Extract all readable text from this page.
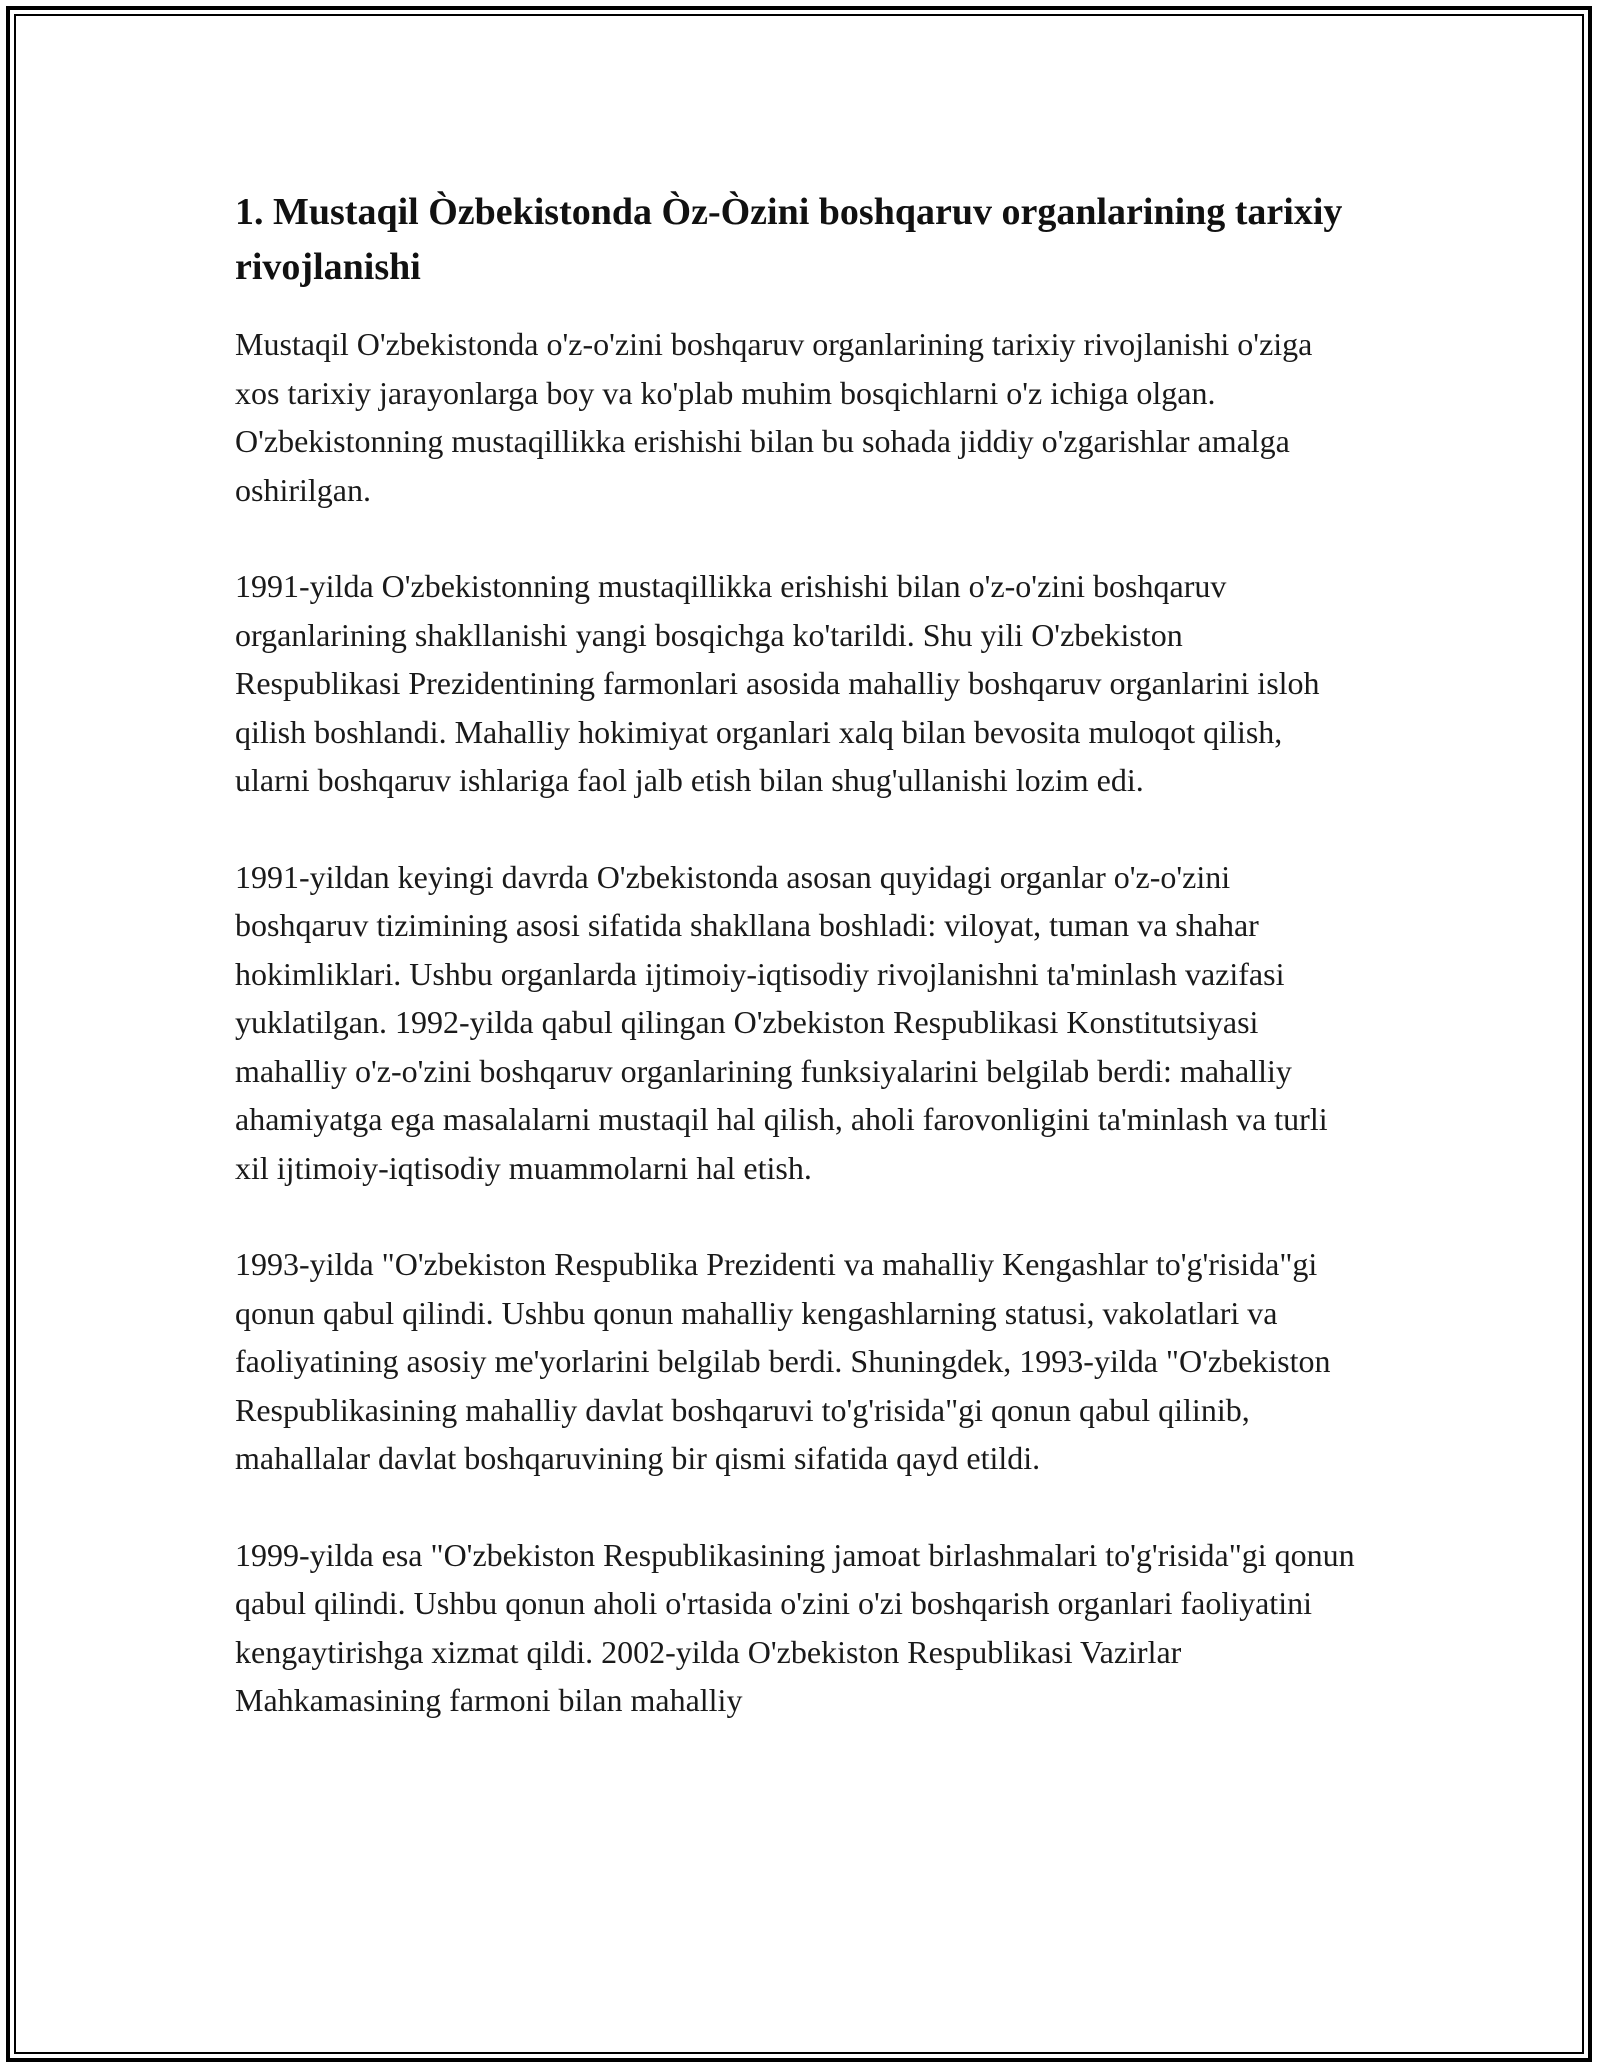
1. Mustaqil Òzbekistonda Òz-Òzini boshqaruv organlarining tarixiy rivojlanishi

Mustaqil O'zbekistonda o'z-o'zini boshqaruv organlarining tarixiy rivojlanishi o'ziga xos tarixiy jarayonlarga boy va ko'plab muhim bosqichlarni o'z ichiga olgan. O'zbekistonning mustaqillikka erishishi bilan bu sohada jiddiy o'zgarishlar amalga oshirilgan.

1991-yilda O'zbekistonning mustaqillikka erishishi bilan o'z-o'zini boshqaruv organlarining shakllanishi yangi bosqichga ko'tarildi. Shu yili O'zbekiston Respublikasi Prezidentining farmonlari asosida mahalliy boshqaruv organlarini isloh qilish boshlandi. Mahalliy hokimiyat organlari xalq bilan bevosita muloqot qilish, ularni boshqaruv ishlariga faol jalb etish bilan shug'ullanishi lozim edi.

1991-yildan keyingi davrda O'zbekistonda asosan quyidagi organlar o'z-o'zini boshqaruv tizimining asosi sifatida shakllana boshladi: viloyat, tuman va shahar hokimliklari. Ushbu organlarda ijtimoiy-iqtisodiy rivojlanishni ta'minlash vazifasi yuklatilgan. 1992-yilda qabul qilingan O'zbekiston Respublikasi Konstitutsiyasi mahalliy o'z-o'zini boshqaruv organlarining funksiyalarini belgilab berdi: mahalliy ahamiyatga ega masalalarni mustaqil hal qilish, aholi farovonligini ta'minlash va turli xil ijtimoiy-iqtisodiy muammolarni hal etish.

1993-yilda "O'zbekiston Respublika Prezidenti va mahalliy Kengashlar to'g'risida"gi qonun qabul qilindi. Ushbu qonun mahalliy kengashlarning statusi, vakolatlari va faoliyatining asosiy me'yorlarini belgilab berdi. Shuningdek, 1993-yilda "O'zbekiston Respublikasining mahalliy davlat boshqaruvi to'g'risida"gi qonun qabul qilinib, mahallalar davlat boshqaruvining bir qismi sifatida qayd etildi.

1999-yilda esa "O'zbekiston Respublikasining jamoat birlashmalari to'g'risida"gi qonun qabul qilindi. Ushbu qonun aholi o'rtasida o'zini o'zi boshqarish organlari faoliyatini kengaytirishga xizmat qildi. 2002-yilda O'zbekiston Respublikasi Vazirlar Mahkamasining farmoni bilan mahalliy
